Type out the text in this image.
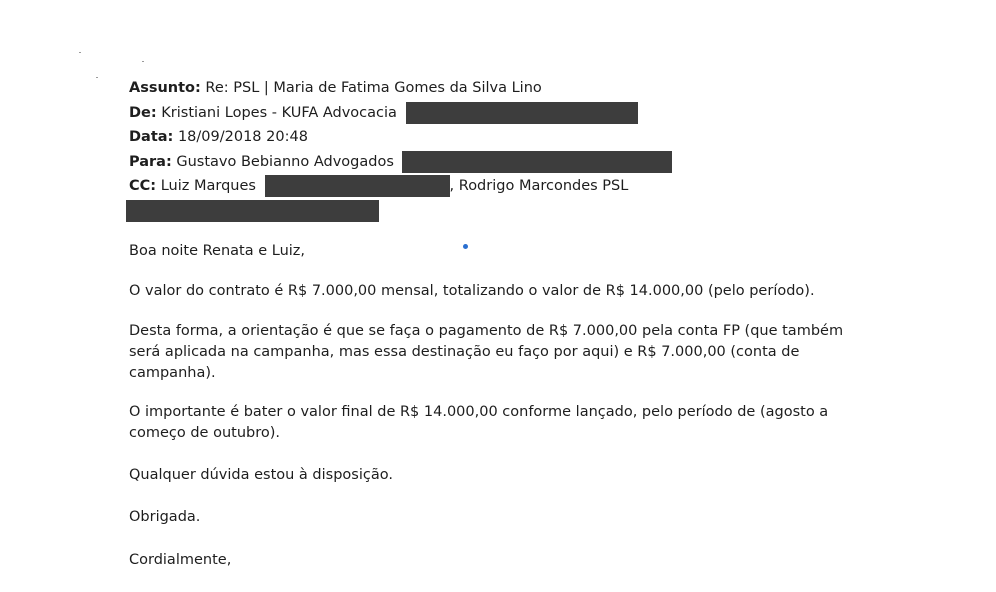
Assunto: Re: PSL | Maria de Fatima Gomes da Silva Lino
De: Kristiani Lopes - KUFA Advocacia
Data: 18/09/2018 20:48
Para: Gustavo Bebianno Advogados
CC: Luiz Marques	, Rodrigo Marcondes PSL

Boa noite Renata e Luiz,

O valor do contrato é R$ 7.000,00 mensal, totalizando o valor de R$ 14.000,00 (pelo período).

Desta forma, a orientação é que se faça o pagamento de R$ 7.000,00 pela conta FP (que também
será aplicada na campanha, mas essa destinação eu faço por aqui) e R$ 7.000,00 (conta de
campanha).

O importante é bater o valor final de R$ 14.000,00 conforme lançado, pelo período de (agosto a
começo de outubro).

Qualquer dúvida estou à disposição.

Obrigada.

Cordialmente,
